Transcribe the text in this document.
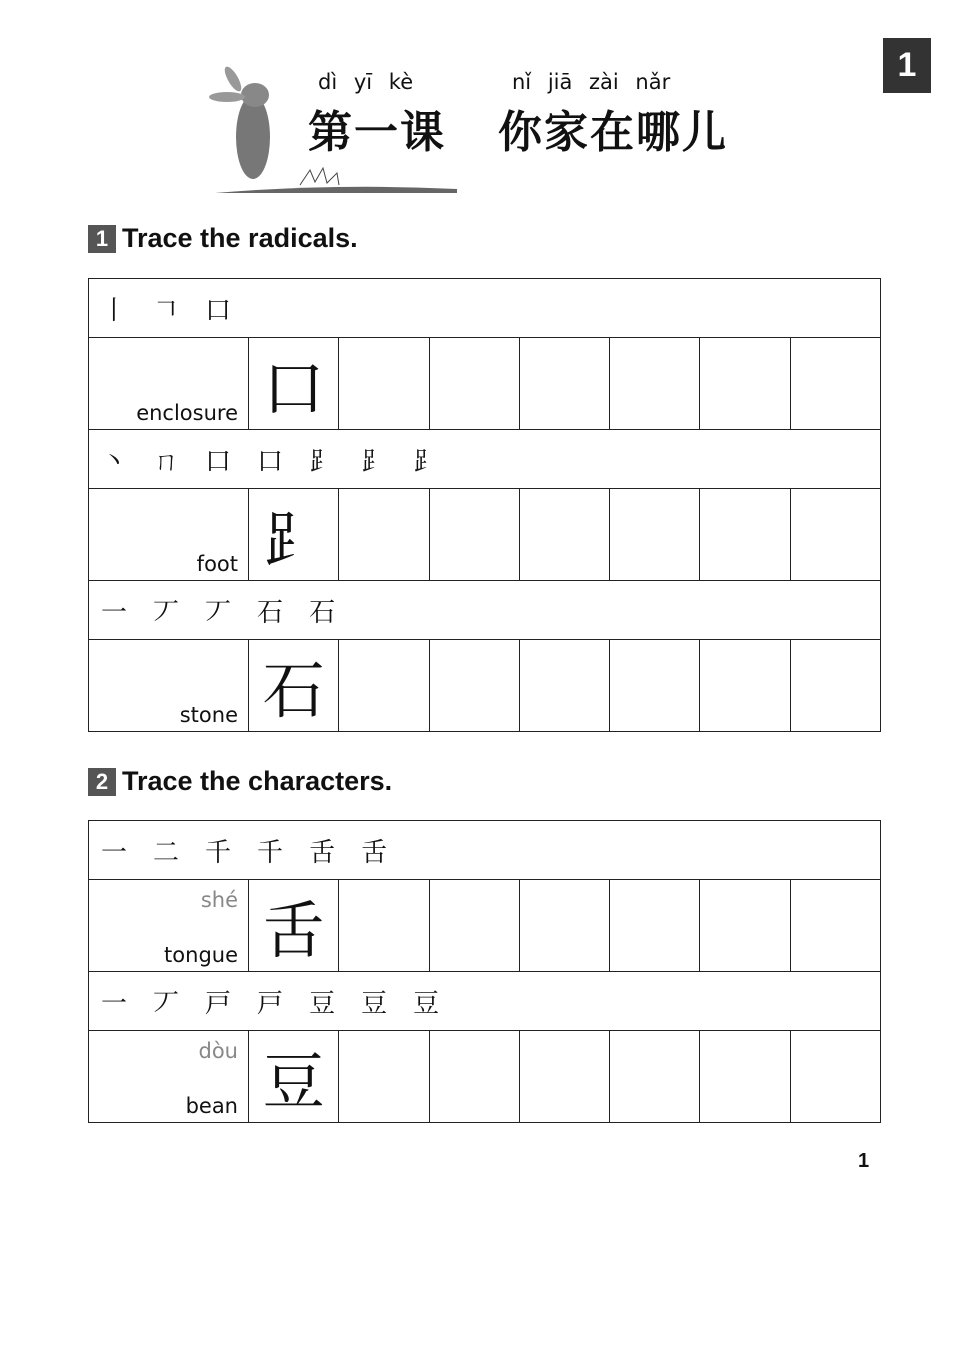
1
dì yī kè
第一课
nǐ jiā zài nǎr
你家在哪儿
1 Trace the radicals.
丨 𠃍 口
enclosure 口
丶 ㄇ 口 ⼝ ⻊ ⻊ ⻊
foot ⻊
一 丆 丆 石 石
stone 石
2 Trace the characters.
一 二 千 千 舌 舌
shé
tongue 舌
一 丆 戸 戸 豆 豆 豆
dòu
bean 豆
1
